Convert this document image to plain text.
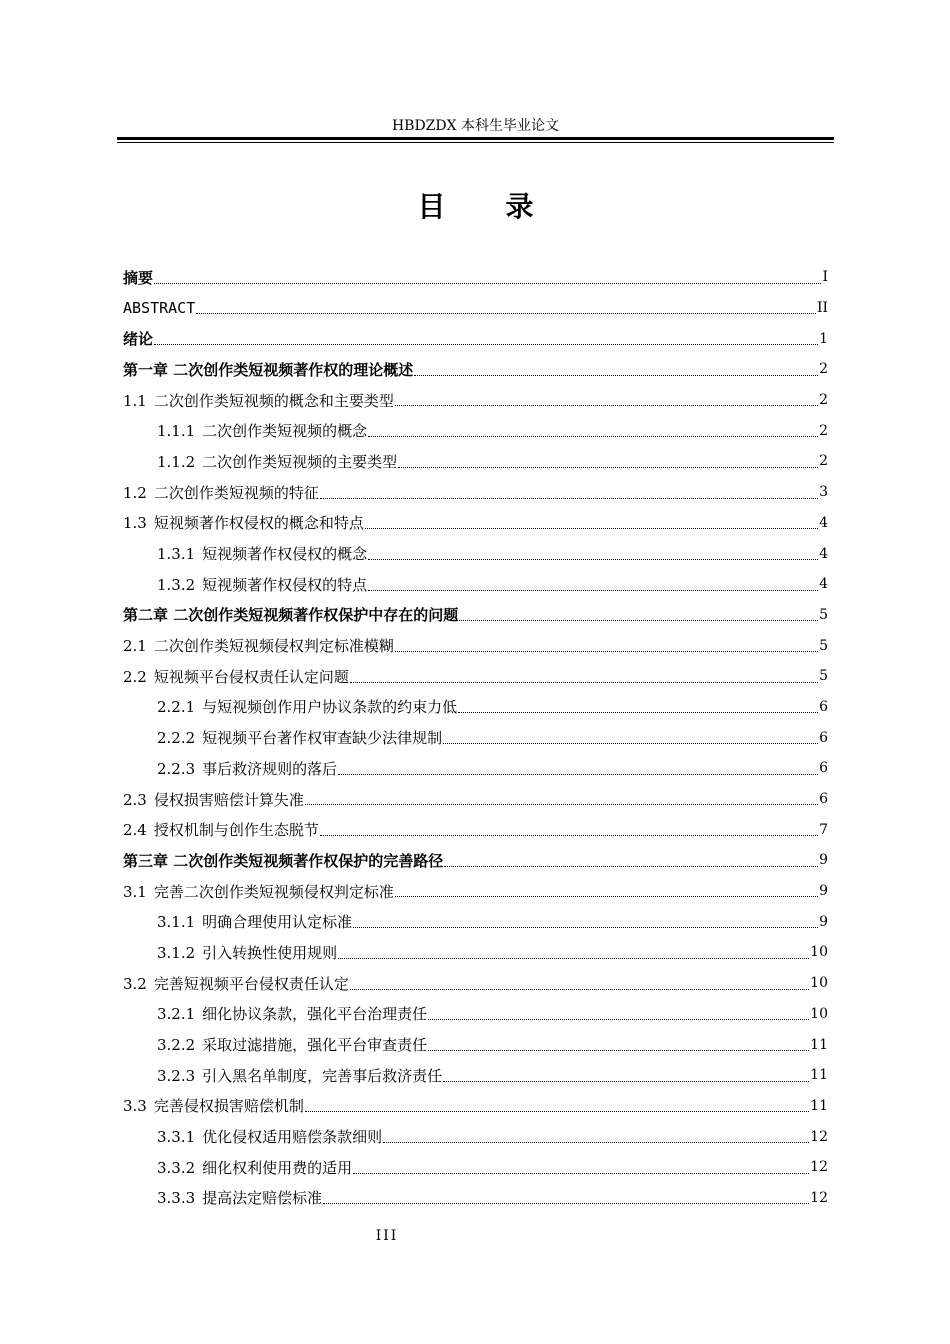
HBDZDX 本科生毕业论文
目录
摘要	I
ABSTRACT	II
绪论	1
第一章 二次创作类短视频著作权的理论概述	2
1.1 二次创作类短视频的概念和主要类型	2
1.1.1 二次创作类短视频的概念	2
1.1.2 二次创作类短视频的主要类型	2
1.2 二次创作类短视频的特征	3
1.3 短视频著作权侵权的概念和特点	4
1.3.1 短视频著作权侵权的概念	4
1.3.2 短视频著作权侵权的特点	4
第二章 二次创作类短视频著作权保护中存在的问题	5
2.1 二次创作类短视频侵权判定标准模糊	5
2.2 短视频平台侵权责任认定问题	5
2.2.1 与短视频创作用户协议条款的约束力低	6
2.2.2 短视频平台著作权审查缺少法律规制	6
2.2.3 事后救济规则的落后	6
2.3 侵权损害赔偿计算失准	6
2.4 授权机制与创作生态脱节	7
第三章 二次创作类短视频著作权保护的完善路径	9
3.1 完善二次创作类短视频侵权判定标准	9
3.1.1 明确合理使用认定标准	9
3.1.2 引入转换性使用规则	10
3.2 完善短视频平台侵权责任认定	10
3.2.1 细化协议条款，强化平台治理责任	10
3.2.2 采取过滤措施，强化平台审查责任	11
3.2.3 引入黑名单制度，完善事后救济责任	11
3.3 完善侵权损害赔偿机制	11
3.3.1 优化侵权适用赔偿条款细则	12
3.3.2 细化权利使用费的适用	12
3.3.3 提高法定赔偿标准	12
III
